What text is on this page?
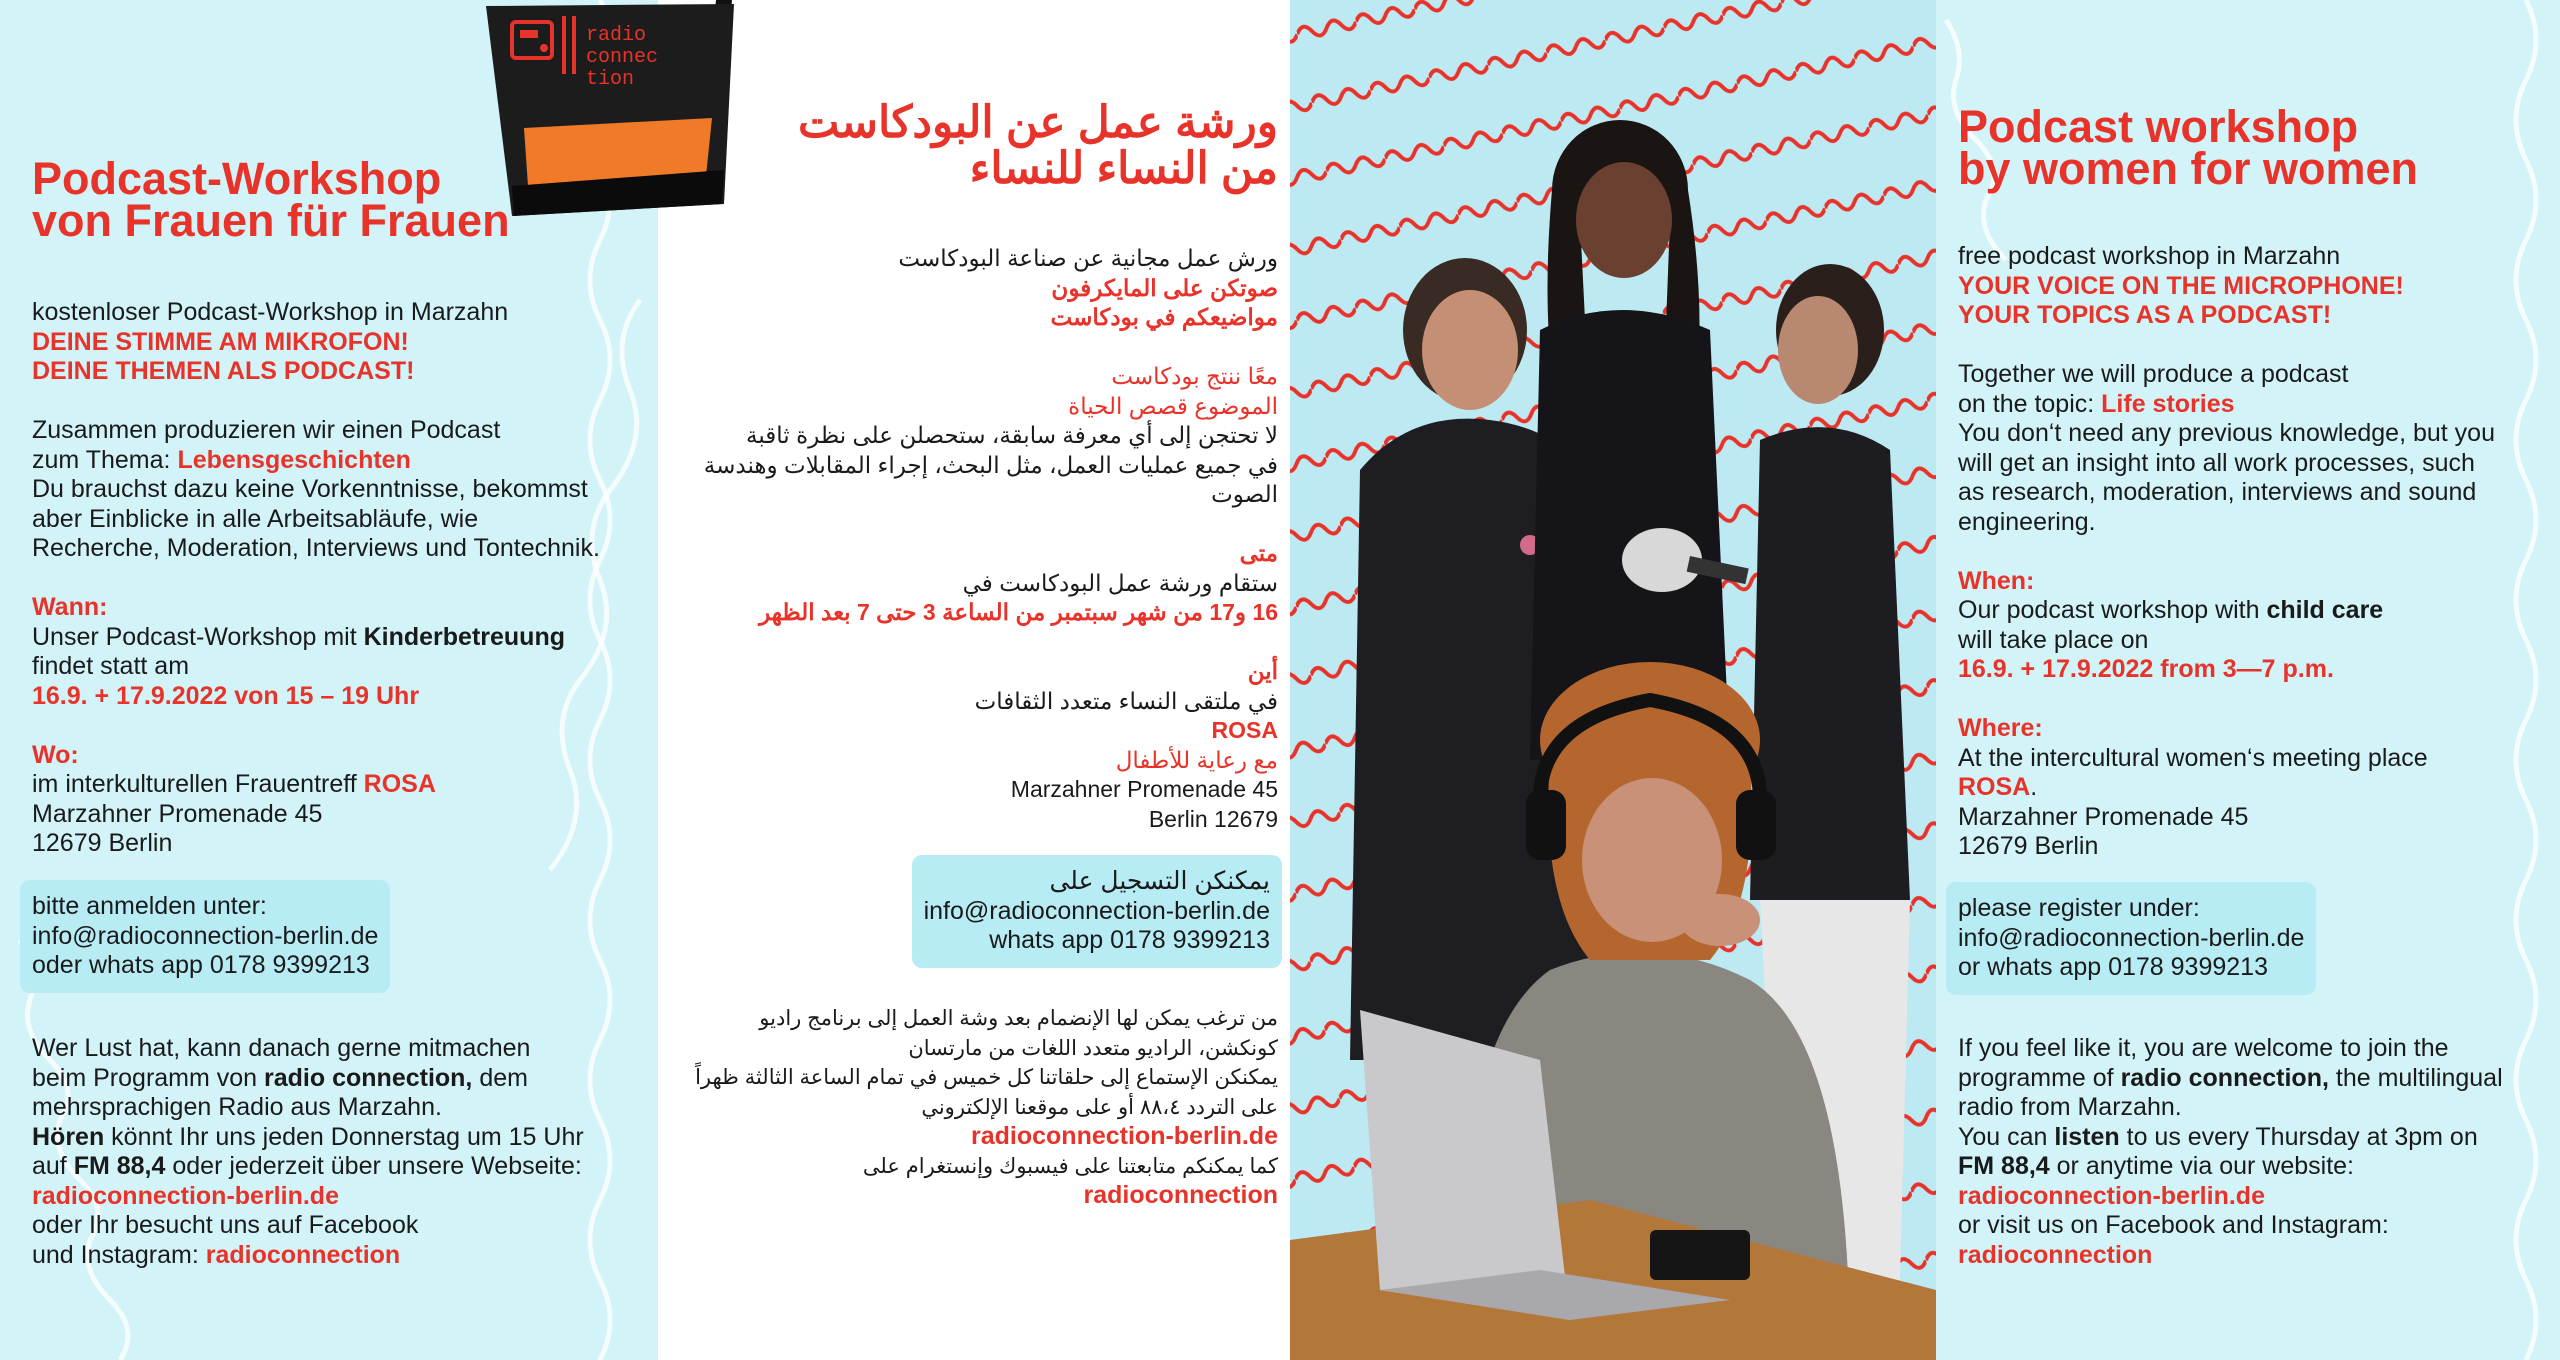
Podcast-Workshop
von Frauen für Frauen
kostenloser Podcast-Workshop in Marzahn
DEINE STIMME AM MIKROFON!
DEINE THEMEN ALS PODCAST!
Zusammen produzieren wir einen Podcast
zum Thema: Lebensgeschichten
Du brauchst dazu keine Vorkenntnisse, bekommst
aber Einblicke in alle Arbeitsabläufe, wie
Recherche, Moderation, Interviews und Tontechnik.
Wann:
Unser Podcast-Workshop mit Kinderbetreuung
findet statt am
16.9. + 17.9.2022 von 15 – 19 Uhr
Wo:
im interkulturellen Frauentreff ROSA
Marzahner Promenade 45
12679 Berlin
bitte anmelden unter:
info@radioconnection-berlin.de
oder whats app 0178 9399213
Wer Lust hat, kann danach gerne mitmachen
beim Programm von radio connection, dem
mehrsprachigen Radio aus Marzahn.
Hören könnt Ihr uns jeden Donnerstag um 15 Uhr
auf FM 88,4 oder jederzeit über unsere Webseite:
radioconnection-berlin.de
oder Ihr besucht uns auf Facebook
und Instagram: radioconnection
ورشة عمل عن البودكاست
من النساء للنساء
ورش عمل مجانية عن صناعة البودكاست
صوتكن على المايكرفون
مواضيعكم في بودكاست
معًا ننتج بودكاست
الموضوع قصص الحياة
لا تحتجن إلى أي معرفة سابقة، ستحصلن على نظرة ثاقبة
في جميع عمليات العمل، مثل البحث، إجراء المقابلات وهندسة
الصوت
متى
ستقام ورشة عمل البودكاست في
16 و17 من شهر سبتمبر من الساعة 3 حتى 7 بعد الظهر
أين
في ملتقى النساء متعدد الثقافات
ROSA
مع رعاية للأطفال
Marzahner Promenade 45
12679 Berlin
يمكنكن التسجيل على
info@radioconnection-berlin.de
whats app 0178 9399213
من ترغب يمكن لها الإنضمام بعد وشة العمل إلى برنامج راديو
كونكشن، الراديو متعدد اللغات من مارتسان
يمكنكن الإستماع إلى حلقاتنا كل خميس في تمام الساعة الثالثة ظهراً
على التردد ٨٨،٤ أو على موقعنا الإلكتروني
radioconnection-berlin.de
كما يمكنكم متابعتنا على فيسبوك وإنستغرام على
radioconnection
radio
connec
tion
Podcast workshop
by women for women
free podcast workshop in Marzahn
YOUR VOICE ON THE MICROPHONE!
YOUR TOPICS AS A PODCAST!
Together we will produce a podcast
on the topic: Life stories
You don‘t need any previous knowledge, but you
will get an insight into all work processes, such
as research, moderation, interviews and sound
engineering.
When:
Our podcast workshop with child care
will take place on
16.9. + 17.9.2022 from 3—7 p.m.
Where:
At the intercultural women‘s meeting place
ROSA.
Marzahner Promenade 45
12679 Berlin
please register under:
info@radioconnection-berlin.de
or whats app 0178 9399213
If you feel like it, you are welcome to join the
programme of radio connection, the multilingual
radio from Marzahn.
You can listen to us every Thursday at 3pm on
FM 88,4 or anytime via our website:
radioconnection-berlin.de
or visit us on Facebook and Instagram:
radioconnection
